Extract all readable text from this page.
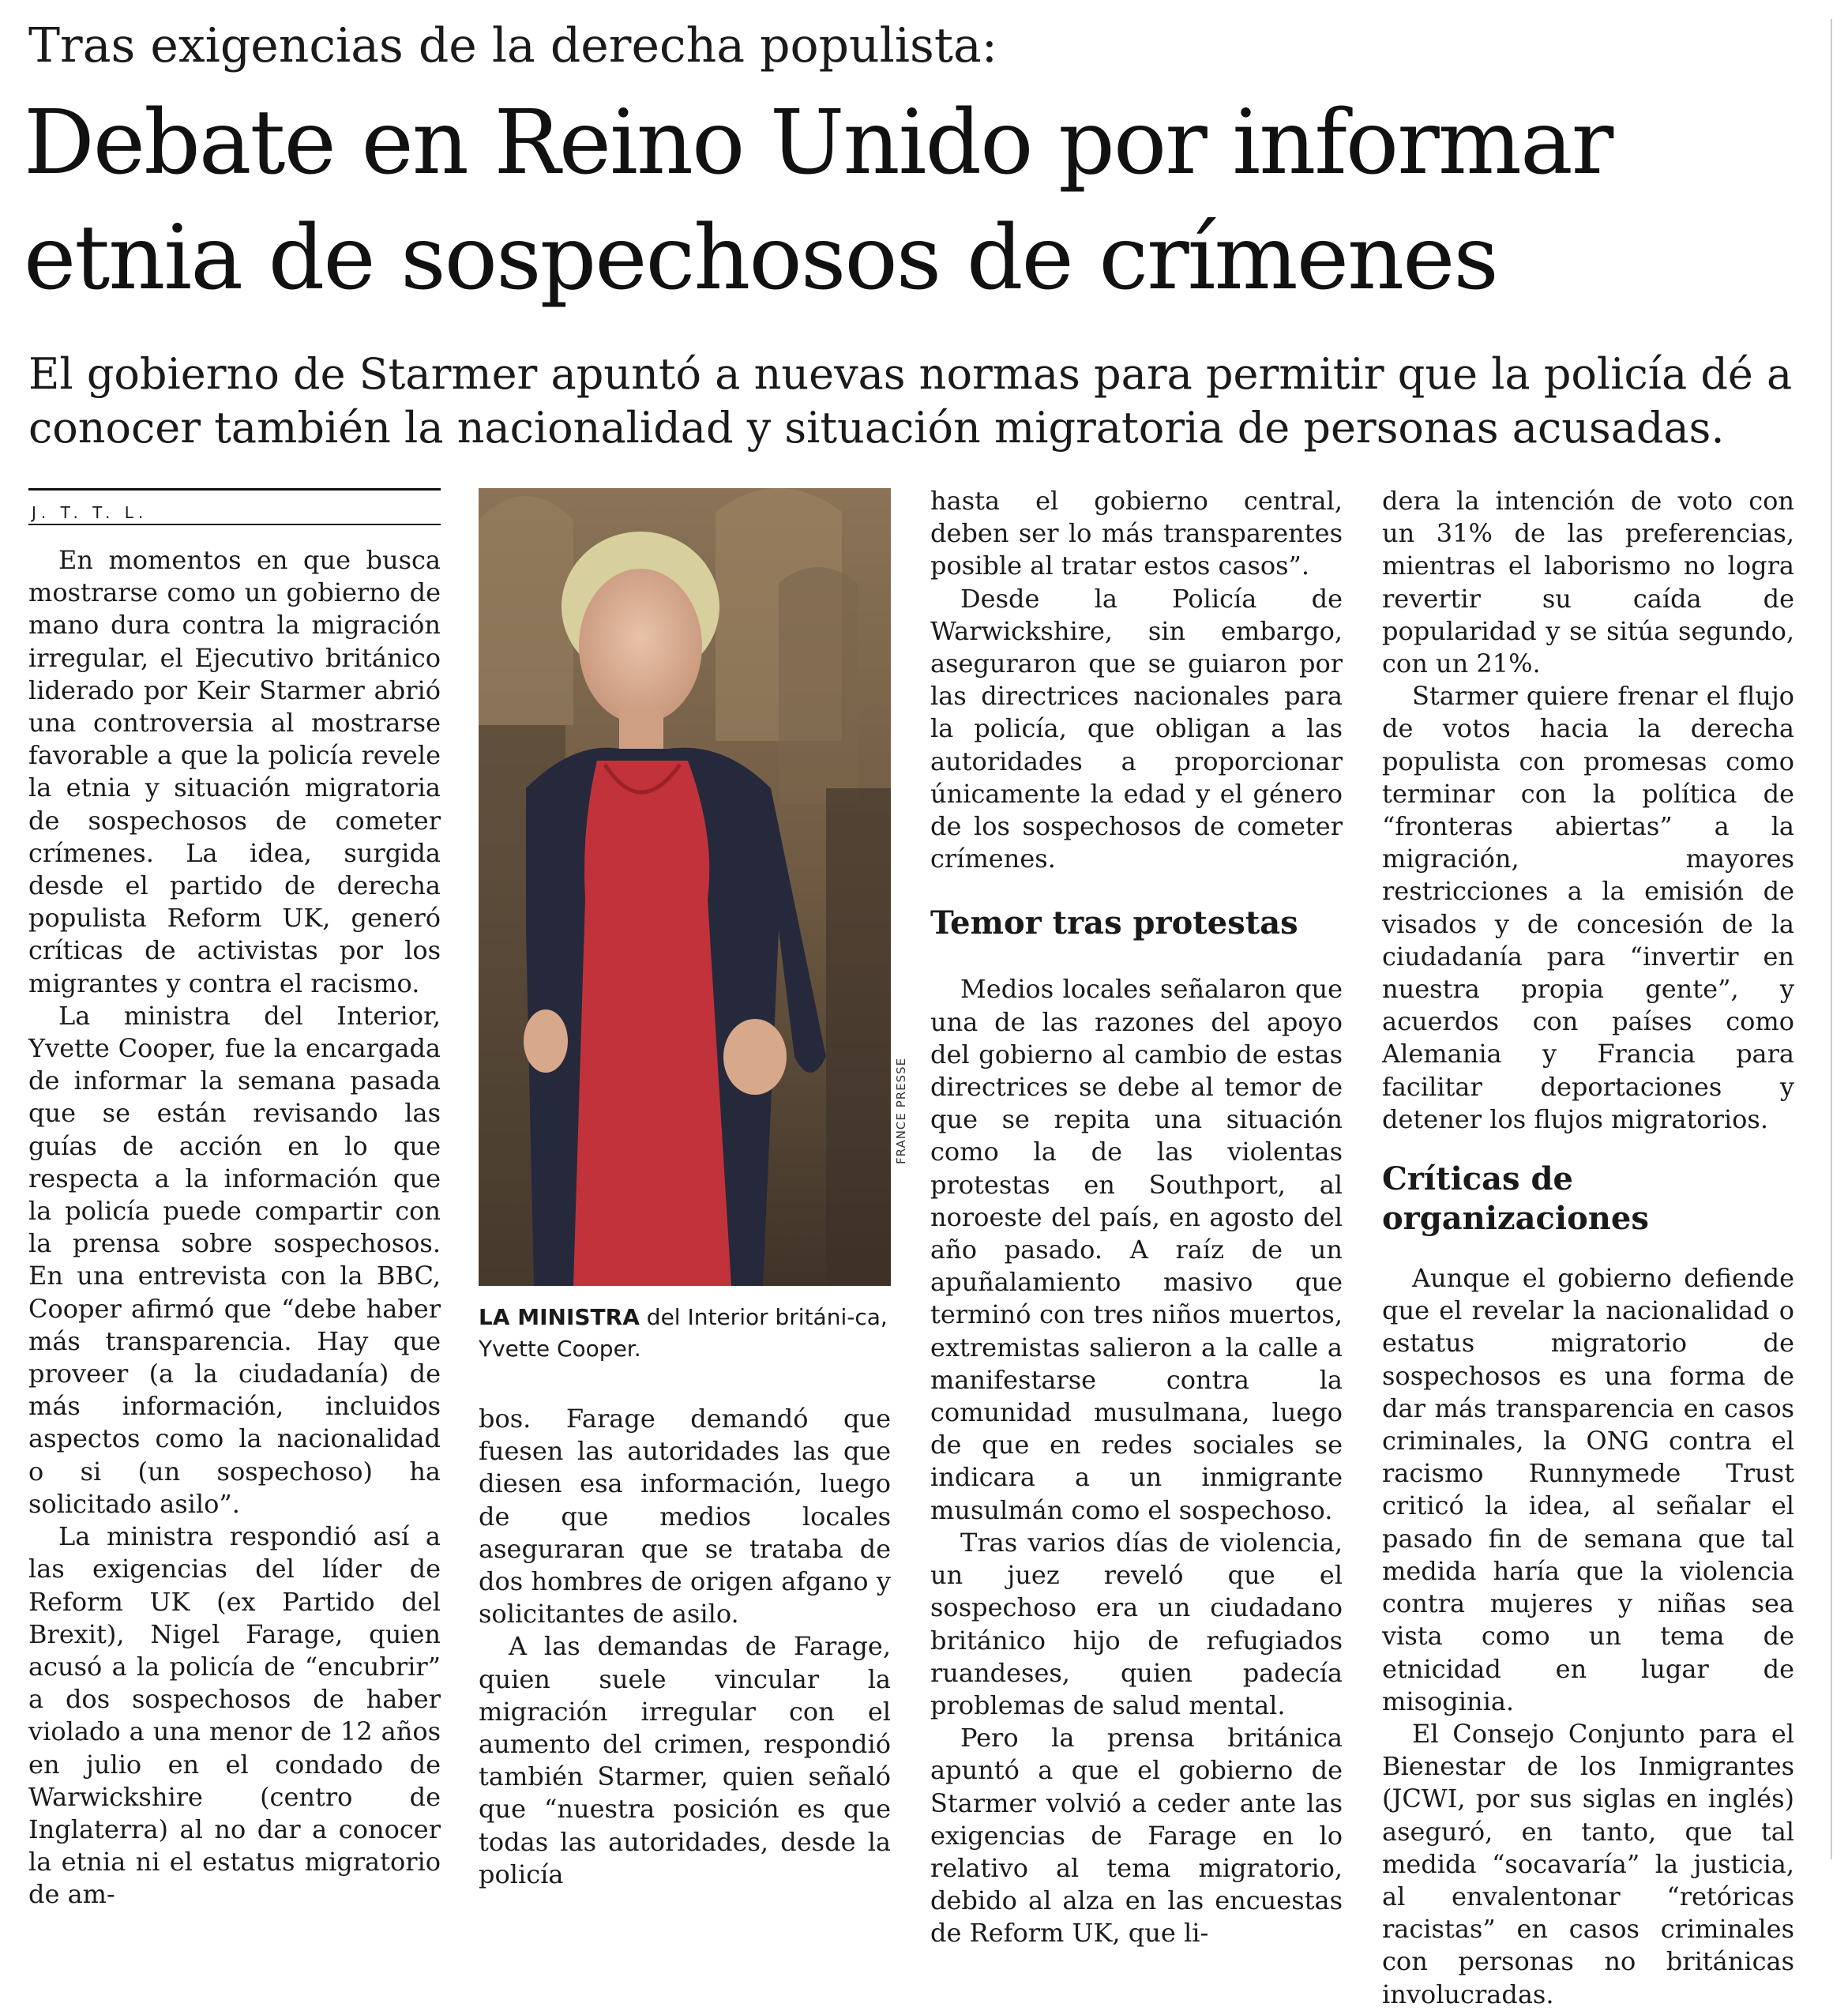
Tras exigencias de la derecha populista:
Debate en Reino Unido por informar
etnia de sospechosos de crímenes
El gobierno de Starmer apuntó a nuevas normas para permitir que la policía dé a
conocer también la nacionalidad y situación migratoria de personas acusadas.
J. T. T. L.

En momentos en que busca mostrarse como un gobierno de mano dura contra la migración irregular, el Ejecutivo británico liderado por Keir Starmer abrió una controversia al mostrarse favorable a que la policía revele la etnia y situación migratoria de sospechosos de cometer crímenes. La idea, surgida desde el partido de derecha populista Reform UK, generó críticas de activistas por los migrantes y contra el racismo.

La ministra del Interior, Yvette Cooper, fue la encargada de informar la semana pasada que se están revisando las guías de acción en lo que respecta a la información que la policía puede compartir con la prensa sobre sospechosos. En una entrevista con la BBC, Cooper afirmó que “debe haber más transparencia. Hay que proveer (a la ciudadanía) de más información, incluidos aspectos como la nacionalidad o si (un sospechoso) ha solicitado asilo”.

La ministra respondió así a las exigencias del líder de Reform UK (ex Partido del Brexit), Nigel Farage, quien acusó a la policía de “encubrir” a dos sospechosos de haber violado a una menor de 12 años en julio en el condado de Warwickshire (centro de Inglaterra) al no dar a conocer la etnia ni el estatus migratorio de am-

FRANCE PRESSE
LA MINISTRA del Interior británi-ca, Yvette Cooper.

bos. Farage demandó que fuesen las autoridades las que diesen esa información, luego de que medios locales aseguraran que se trataba de dos hombres de origen afgano y solicitantes de asilo.

A las demandas de Farage, quien suele vincular la migración irregular con el aumento del crimen, respondió también Starmer, quien señaló que “nuestra posición es que todas las autoridades, desde la policía

hasta el gobierno central, deben ser lo más transparentes posible al tratar estos casos”.

Desde la Policía de Warwickshire, sin embargo, aseguraron que se guiaron por las directrices nacionales para la policía, que obligan a las autoridades a proporcionar únicamente la edad y el género de los sospechosos de cometer crímenes.

Temor tras protestas

Medios locales señalaron que una de las razones del apoyo del gobierno al cambio de estas directrices se debe al temor de que se repita una situación como la de las violentas protestas en Southport, al noroeste del país, en agosto del año pasado. A raíz de un apuñalamiento masivo que terminó con tres niños muertos, extremistas salieron a la calle a manifestarse contra la comunidad musulmana, luego de que en redes sociales se indicara a un inmigrante musulmán como el sospechoso.

Tras varios días de violencia, un juez reveló que el sospechoso era un ciudadano británico hijo de refugiados ruandeses, quien padecía problemas de salud mental.

Pero la prensa británica apuntó a que el gobierno de Starmer volvió a ceder ante las exigencias de Farage en lo relativo al tema migratorio, debido al alza en las encuestas de Reform UK, que li-

dera la intención de voto con un 31% de las preferencias, mientras el laborismo no logra revertir su caída de popularidad y se sitúa segundo, con un 21%.

Starmer quiere frenar el flujo de votos hacia la derecha populista con promesas como terminar con la política de “fronteras abiertas” a la migración, mayores restricciones a la emisión de visados y de concesión de la ciudadanía para “invertir en nuestra propia gente”, y acuerdos con países como Alemania y Francia para facilitar deportaciones y detener los flujos migratorios.

Críticas de
organizaciones

Aunque el gobierno defiende que el revelar la nacionalidad o estatus migratorio de sospechosos es una forma de dar más transparencia en casos criminales, la ONG contra el racismo Runnymede Trust criticó la idea, al señalar el pasado fin de semana que tal medida haría que la violencia contra mujeres y niñas sea vista como un tema de etnicidad en lugar de misoginia.

El Consejo Conjunto para el Bienestar de los Inmigrantes (JCWI, por sus siglas en inglés) aseguró, en tanto, que tal medida “socavaría” la justicia, al envalentonar “retóricas racistas” en casos criminales con personas no británicas involucradas.
